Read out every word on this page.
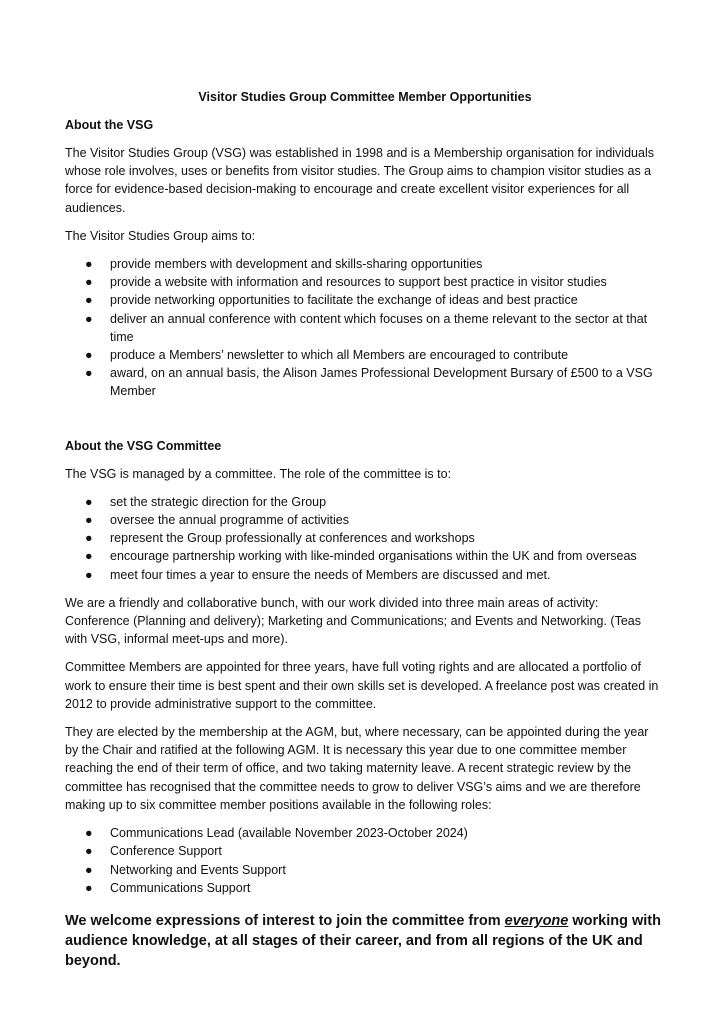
Visitor Studies Group Committee Member Opportunities

About the VSG

The Visitor Studies Group (VSG) was established in 1998 and is a Membership organisation for individuals whose role involves, uses or benefits from visitor studies. The Group aims to champion visitor studies as a force for evidence-based decision-making to encourage and create excellent visitor experiences for all audiences.

The Visitor Studies Group aims to:

● provide members with development and skills-sharing opportunities
● provide a website with information and resources to support best practice in visitor studies
● provide networking opportunities to facilitate the exchange of ideas and best practice
● deliver an annual conference with content which focuses on a theme relevant to the sector at that time
● produce a Members’ newsletter to which all Members are encouraged to contribute
● award, on an annual basis, the Alison James Professional Development Bursary of £500 to a VSG Member

About the VSG Committee

The VSG is managed by a committee. The role of the committee is to:

● set the strategic direction for the Group
● oversee the annual programme of activities
● represent the Group professionally at conferences and workshops
● encourage partnership working with like-minded organisations within the UK and from overseas
● meet four times a year to ensure the needs of Members are discussed and met.

We are a friendly and collaborative bunch, with our work divided into three main areas of activity: Conference (Planning and delivery); Marketing and Communications; and Events and Networking. (Teas with VSG, informal meet-ups and more).

Committee Members are appointed for three years, have full voting rights and are allocated a portfolio of work to ensure their time is best spent and their own skills set is developed. A freelance post was created in 2012 to provide administrative support to the committee.

They are elected by the membership at the AGM, but, where necessary, can be appointed during the year by the Chair and ratified at the following AGM. It is necessary this year due to one committee member reaching the end of their term of office, and two taking maternity leave. A recent strategic review by the committee has recognised that the committee needs to grow to deliver VSG’s aims and we are therefore making up to six committee member positions available in the following roles:

● Communications Lead (available November 2023-October 2024)
● Conference Support
● Networking and Events Support
● Communications Support

We welcome expressions of interest to join the committee from everyone working with audience knowledge, at all stages of their career, and from all regions of the UK and beyond.
